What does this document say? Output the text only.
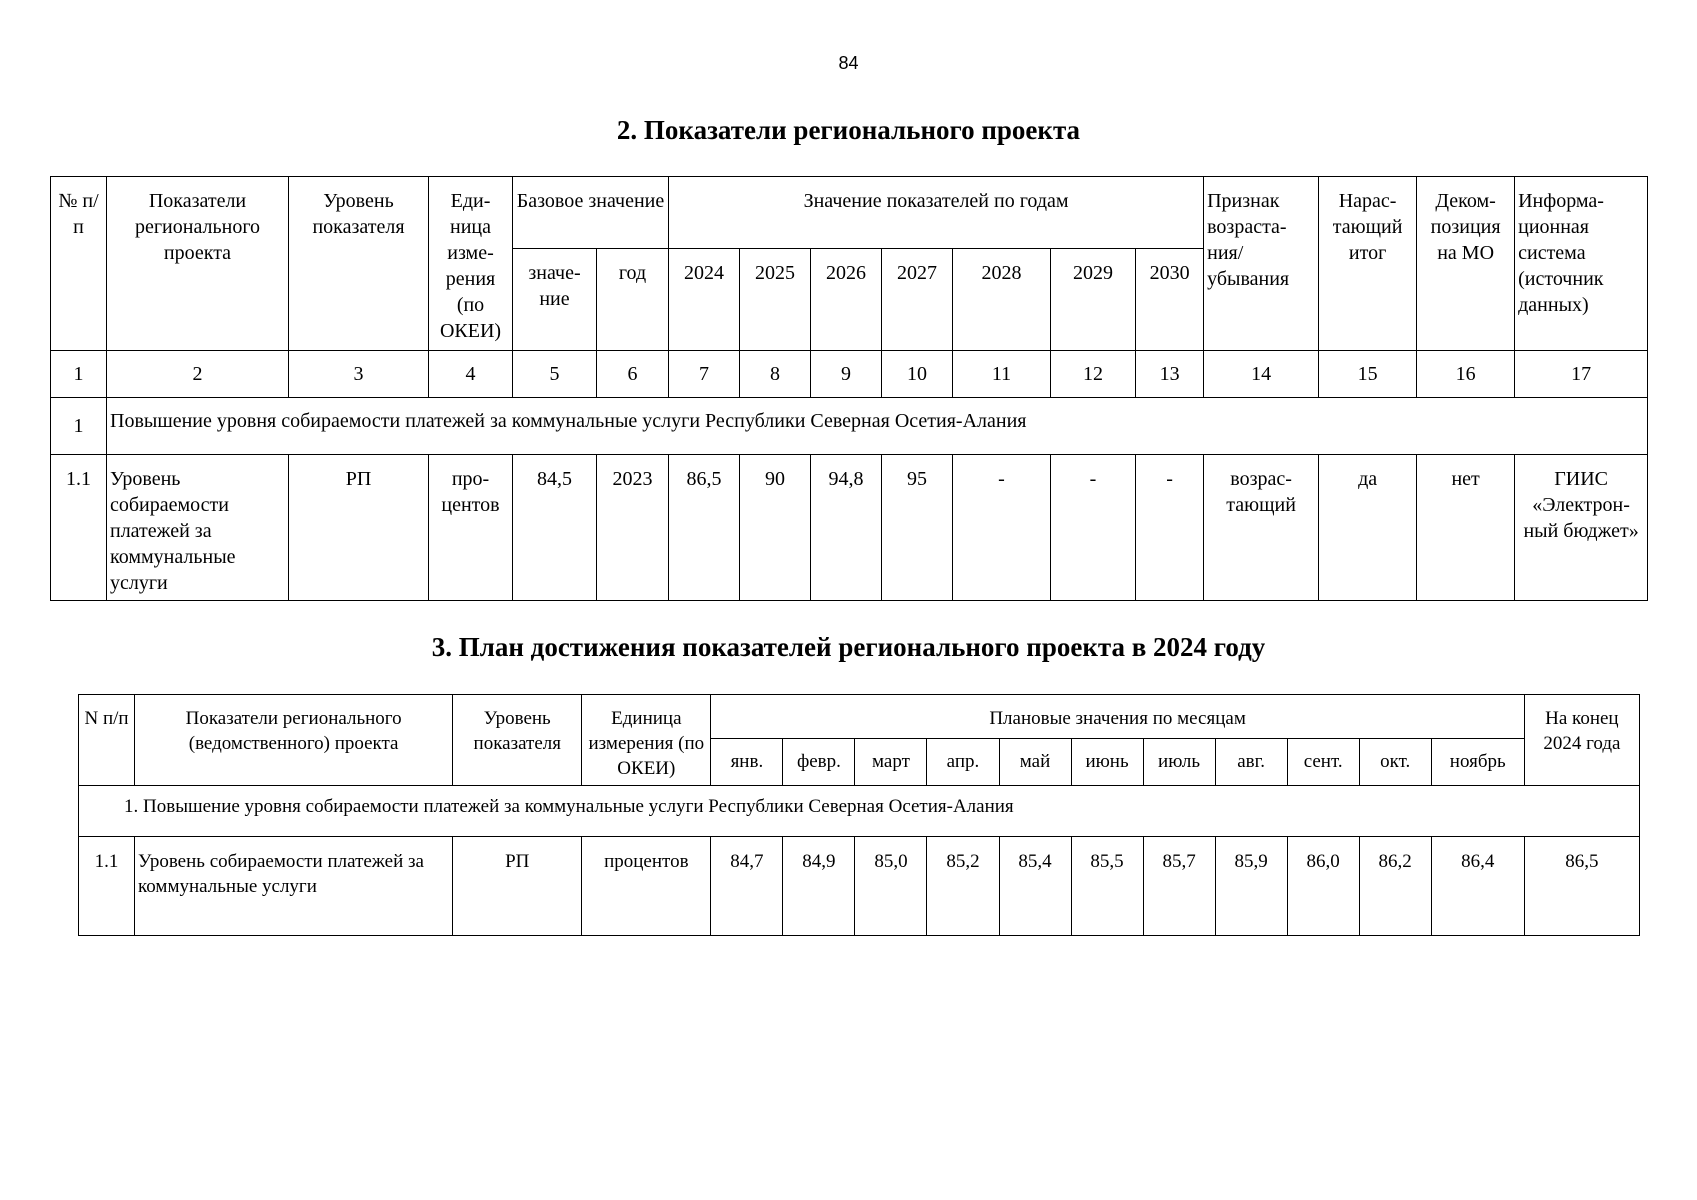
84
2. Показатели регионального проекта
№ п/п	Показатели регионального проекта	Уровень показателя	Еди- ница изме- рения (по ОКЕИ)	Базовое значение		Значение показателей по годам							Признак возраста- ния/ убывания	Нарас- тающий итог	Деком- позиция на МО	Информа- ционная система (источник данных)
				значе- ние	год	2024	2025	2026	2027	2028	2029	2030				
1	2	3	4	5	6	7	8	9	10	11	12	13	14	15	16	17
1	Повышение уровня собираемости платежей за коммунальные услуги Республики Северная Осетия-Алания															
1.1	Уровень собираемости платежей за коммунальные услуги	РП	про- центов	84,5	2023	86,5	90	94,8	95	-	-	-	возрас- тающий	да	нет	ГИИС «Электрон- ный бюджет»
3. План достижения показателей регионального проекта в 2024 году
N п/п	Показатели регионального (ведомственного) проекта	Уровень показателя	Единица измерения (по ОКЕИ)	Плановые значения по месяцам											На конец 2024 года
				янв.	февр.	март	апр.	май	июнь	июль	авг.	сент.	окт.	ноябрь	
1. Повышение уровня собираемости платежей за коммунальные услуги Республики Северная Осетия-Алания															
1.1	Уровень собираемости платежей за коммунальные услуги	РП	процентов	84,7	84,9	85,0	85,2	85,4	85,5	85,7	85,9	86,0	86,2	86,4	86,5
